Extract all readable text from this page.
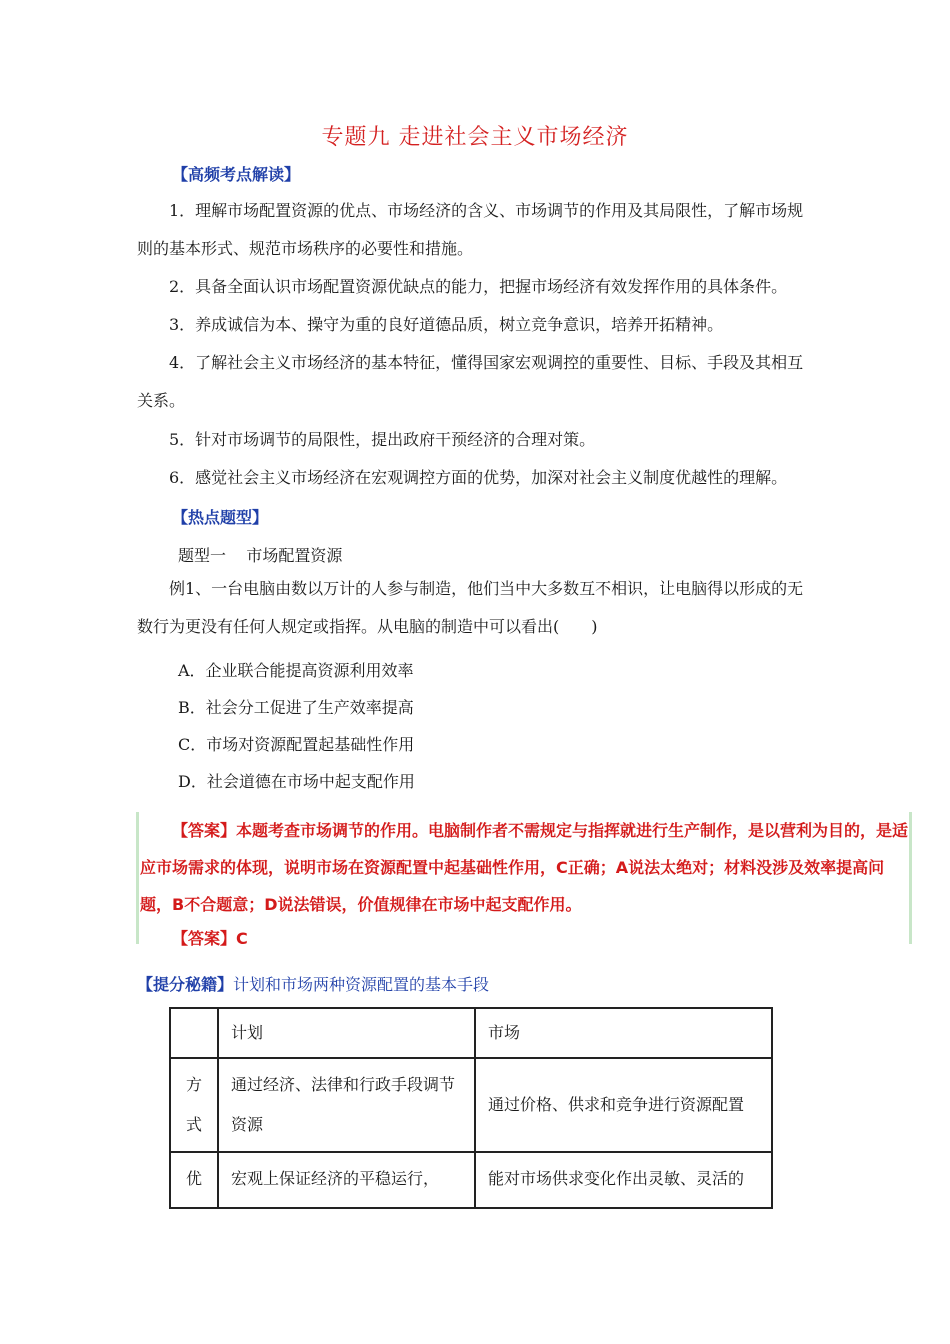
专题九 走进社会主义市场经济
【高频考点解读】
1．理解市场配置资源的优点、市场经济的含义、市场调节的作用及其局限性，了解市场规则的基本形式、规范市场秩序的必要性和措施。
2．具备全面认识市场配置资源优缺点的能力，把握市场经济有效发挥作用的具体条件。
3．养成诚信为本、操守为重的良好道德品质，树立竞争意识，培养开拓精神。
4．了解社会主义市场经济的基本特征，懂得国家宏观调控的重要性、目标、手段及其相互关系。
5．针对市场调节的局限性，提出政府干预经济的合理对策。
6．感觉社会主义市场经济在宏观调控方面的优势，加深对社会主义制度优越性的理解。
【热点题型】
题型一    市场配置资源
例1、一台电脑由数以万计的人参与制造，他们当中大多数互不相识，让电脑得以形成的无数行为更没有任何人规定或指挥。从电脑的制造中可以看出(　　)
A．企业联合能提高资源利用效率
B．社会分工促进了生产效率提高
C．市场对资源配置起基础性作用
D．社会道德在市场中起支配作用
【答案】本题考查市场调节的作用。电脑制作者不需规定与指挥就进行生产制作，是以营利为目的，是适应市场需求的体现，说明市场在资源配置中起基础性作用，C正确；A说法太绝对；材料没涉及效率提高问题，B不合题意；D说法错误，价值规律在市场中起支配作用。
【答案】C
【提分秘籍】计划和市场两种资源配置的基本手段
	计划	市场
方式	通过经济、法律和行政手段调节资源	通过价格、供求和竞争进行资源配置
优	宏观上保证经济的平稳运行，	能对市场供求变化作出灵敏、灵活的
